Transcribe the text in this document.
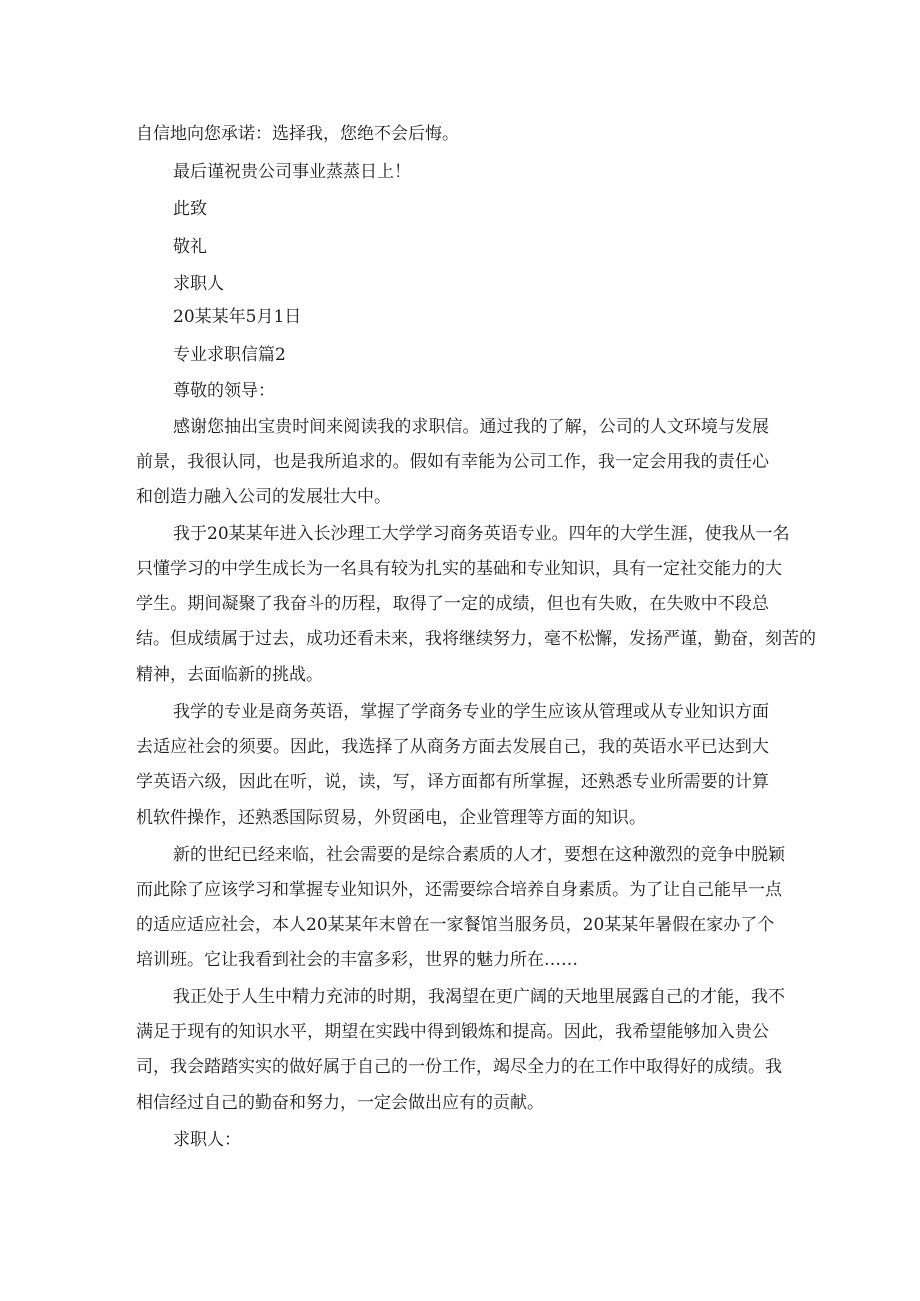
自信地向您承诺：选择我，您绝不会后悔。
最后谨祝贵公司事业蒸蒸日上！
此致
敬礼
求职人
20某某年5月1日
专业求职信篇2
尊敬的领导：
感谢您抽出宝贵时间来阅读我的求职信。通过我的了解，公司的人文环境与发展
前景，我很认同，也是我所追求的。假如有幸能为公司工作，我一定会用我的责任心
和创造力融入公司的发展壮大中。
我于20某某年进入长沙理工大学学习商务英语专业。四年的大学生涯，使我从一名
只懂学习的中学生成长为一名具有较为扎实的基础和专业知识，具有一定社交能力的大
学生。期间凝聚了我奋斗的历程，取得了一定的成绩，但也有失败，在失败中不段总
结。但成绩属于过去，成功还看未来，我将继续努力，毫不松懈，发扬严谨，勤奋，刻苦的
精神，去面临新的挑战。
我学的专业是商务英语，掌握了学商务专业的学生应该从管理或从专业知识方面
去适应社会的须要。因此，我选择了从商务方面去发展自己，我的英语水平已达到大
学英语六级，因此在听，说，读，写，译方面都有所掌握，还熟悉专业所需要的计算
机软件操作，还熟悉国际贸易，外贸函电，企业管理等方面的知识。
新的世纪已经来临，社会需要的是综合素质的人才，要想在这种激烈的竞争中脱颖
而此除了应该学习和掌握专业知识外，还需要综合培养自身素质。为了让自己能早一点
的适应适应社会，本人20某某年末曾在一家餐馆当服务员，20某某年暑假在家办了个
培训班。它让我看到社会的丰富多彩，世界的魅力所在……
我正处于人生中精力充沛的时期，我渴望在更广阔的天地里展露自己的才能，我不
满足于现有的知识水平，期望在实践中得到锻炼和提高。因此，我希望能够加入贵公
司，我会踏踏实实的做好属于自己的一份工作，竭尽全力的在工作中取得好的成绩。我
相信经过自己的勤奋和努力，一定会做出应有的贡献。
求职人：
